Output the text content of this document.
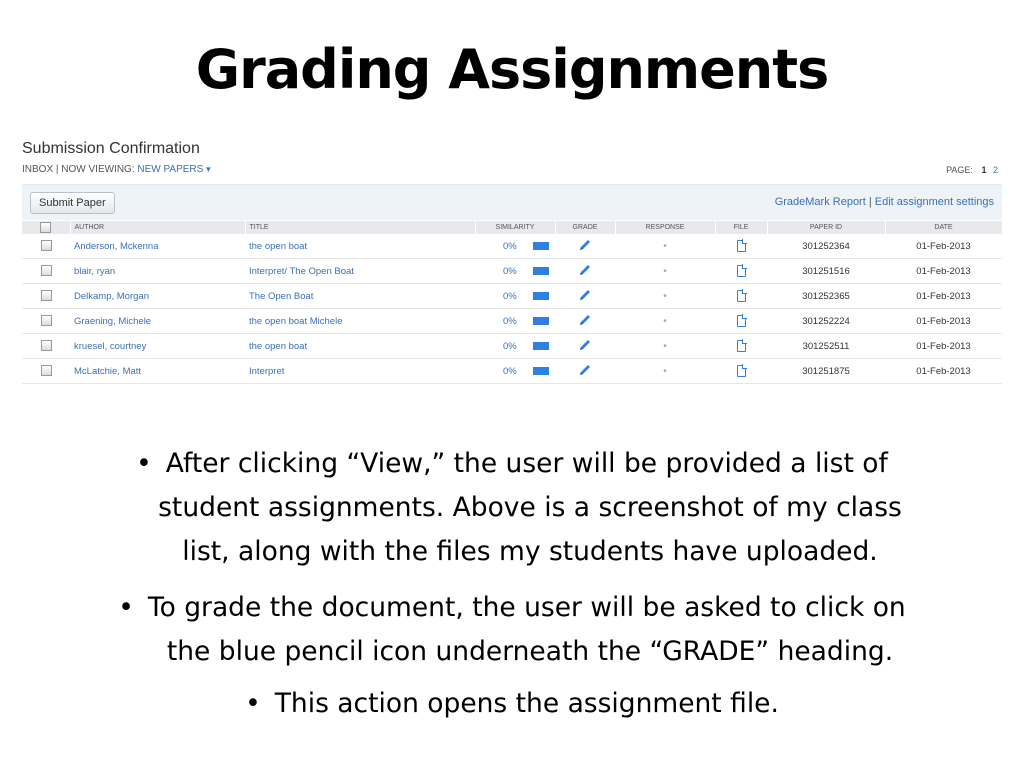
Grading Assignments
Submission Confirmation
INBOX | NOW VIEWING: NEW PAPERS ▾	PAGE: 1 2
Submit Paper	GradeMark Report | Edit assignment settings
	AUTHOR	TITLE	SIMILARITY	GRADE	RESPONSE	FILE	PAPER ID	DATE
	Anderson, Mckenna	the open boat	0%		•		301252364	01-Feb-2013
	blair, ryan	Interpret/ The Open Boat	0%		•		301251516	01-Feb-2013
	Delkamp, Morgan	The Open Boat	0%		•		301252365	01-Feb-2013
	Graening, Michele	the open boat Michele	0%		•		301252224	01-Feb-2013
	kruesel, courtney	the open boat	0%		•		301252511	01-Feb-2013
	McLatchie, Matt	Interpret	0%		•		301251875	01-Feb-2013
• After clicking “View,” the user will be provided a list of
student assignments. Above is a screenshot of my class
list, along with the files my students have uploaded.
• To grade the document, the user will be asked to click on
the blue pencil icon underneath the “GRADE” heading.
• This action opens the assignment file.
